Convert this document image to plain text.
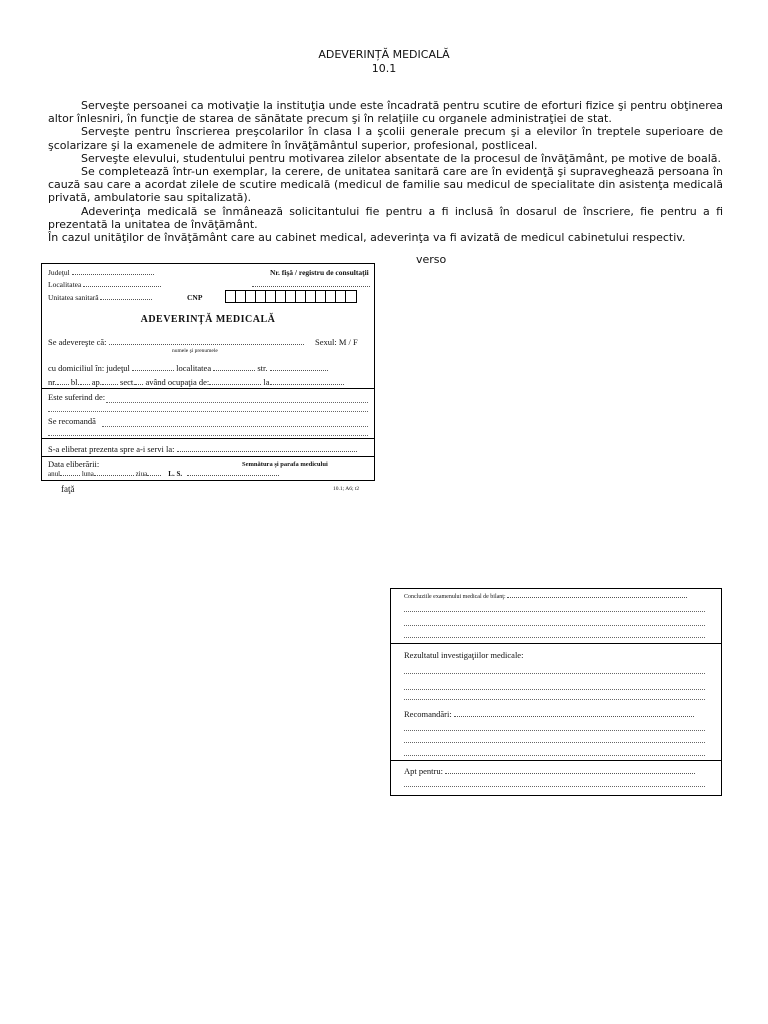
ADEVERINȚĂ MEDICALĂ
10.1

Serveşte persoanei ca motivaţie la instituţia unde este încadrată pentru scutire de eforturi fizice şi pentru obţinerea altor înlesniri, în funcţie de starea de sănătate precum şi în relaţiile cu organele administraţiei de stat.

Serveşte pentru înscrierea preşcolarilor în clasa I a şcolii generale precum şi a elevilor în treptele superioare de şcolarizare şi la examenele de admitere în învăţământul superior, profesional, postliceal.

Serveşte elevului, studentului pentru motivarea zilelor absentate de la procesul de învăţământ, pe motive de boală.

Se completează într-un exemplar, la cerere, de unitatea sanitară care are în evidenţă şi supraveghează persoana în cauză sau care a acordat zilele de scutire medicală (medicul de familie sau medicul de specialitate din asistenţa medicală privată, ambulatorie sau spitalizată).

Adeverinţa medicală se înmânează solicitantului fie pentru a fi inclusă în dosarul de înscriere, fie pentru a fi prezentată la unitatea de învăţământ.

În cazul unităţilor de învăţământ care au cabinet medical, adeverinţa va fi avizată de medicul cabinetului respectiv.

verso
Judeţul	Nr. fişă / registru de consultaţii
Localitatea
Unitatea sanitară	CNP
ADEVERINȚĂ MEDICALĂ
Se adevereşte că:	Sexul: M / F
numele şi prenumele
cu domiciliul în: judeţul	localitatea	str.
nr. bl. ap. sect. având ocupaţia de:	la
Este suferind de:
Se recomandă
S-a eliberat prezenta spre a-i servi la:
Data eliberării:	Semnătura şi parafa medicului
anul	luna	ziua	L. S.
faţă	10.1; A6; t2
Concluziile examenului medical de bilanţ:
Rezultatul investigaţiilor medicale:
Recomandări:
Apt pentru:
